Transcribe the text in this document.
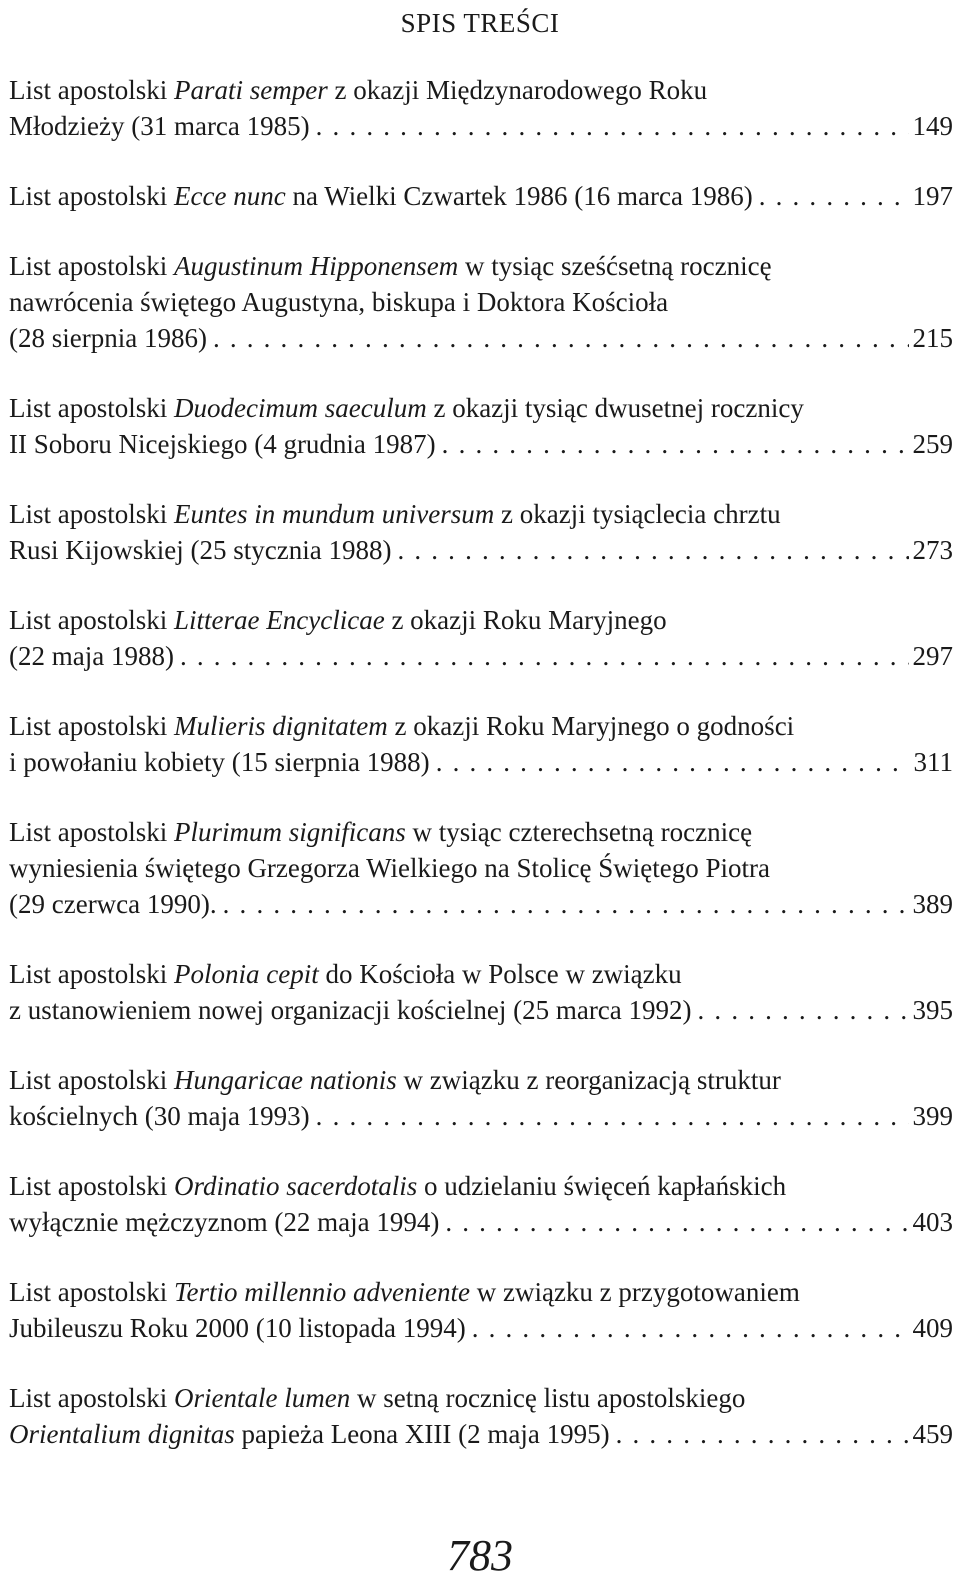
SPIS TREŚCI
List apostolski Parati semper z okazji Międzynarodowego Roku
Młodzieży (31 marca 1985) . . .	149
List apostolski Ecce nunc na Wielki Czwartek 1986 (16 marca 1986) . . .	197
List apostolski Augustinum Hipponensem w tysiąc sześćsetną rocznicę
nawrócenia świętego Augustyna, biskupa i Doktora Kościoła
(28 sierpnia 1986) . . .	215
List apostolski Duodecimum saeculum z okazji tysiąc dwusetnej rocznicy
II Soboru Nicejskiego (4 grudnia 1987) . . .	259
List apostolski Euntes in mundum universum z okazji tysiąclecia chrztu
Rusi Kijowskiej (25 stycznia 1988) . . .	273
List apostolski Litterae Encyclicae z okazji Roku Maryjnego
(22 maja 1988) . . .	297
List apostolski Mulieris dignitatem z okazji Roku Maryjnego o godności
i powołaniu kobiety (15 sierpnia 1988) . . .	311
List apostolski Plurimum significans w tysiąc czterechsetną rocznicę
wyniesienia świętego Grzegorza Wielkiego na Stolicę Świętego Piotra
(29 czerwca 1990). . . .	389
List apostolski Polonia cepit do Kościoła w Polsce w związku
z ustanowieniem nowej organizacji kościelnej (25 marca 1992) . . .	395
List apostolski Hungaricae nationis w związku z reorganizacją struktur
kościelnych (30 maja 1993) . . .	399
List apostolski Ordinatio sacerdotalis o udzielaniu święceń kapłańskich
wyłącznie mężczyznom (22 maja 1994) . . .	403
List apostolski Tertio millennio adveniente w związku z przygotowaniem
Jubileuszu Roku 2000 (10 listopada 1994) . . .	409
List apostolski Orientale lumen w setną rocznicę listu apostolskiego
Orientalium dignitas papieża Leona XIII (2 maja 1995) . . .	459
783
